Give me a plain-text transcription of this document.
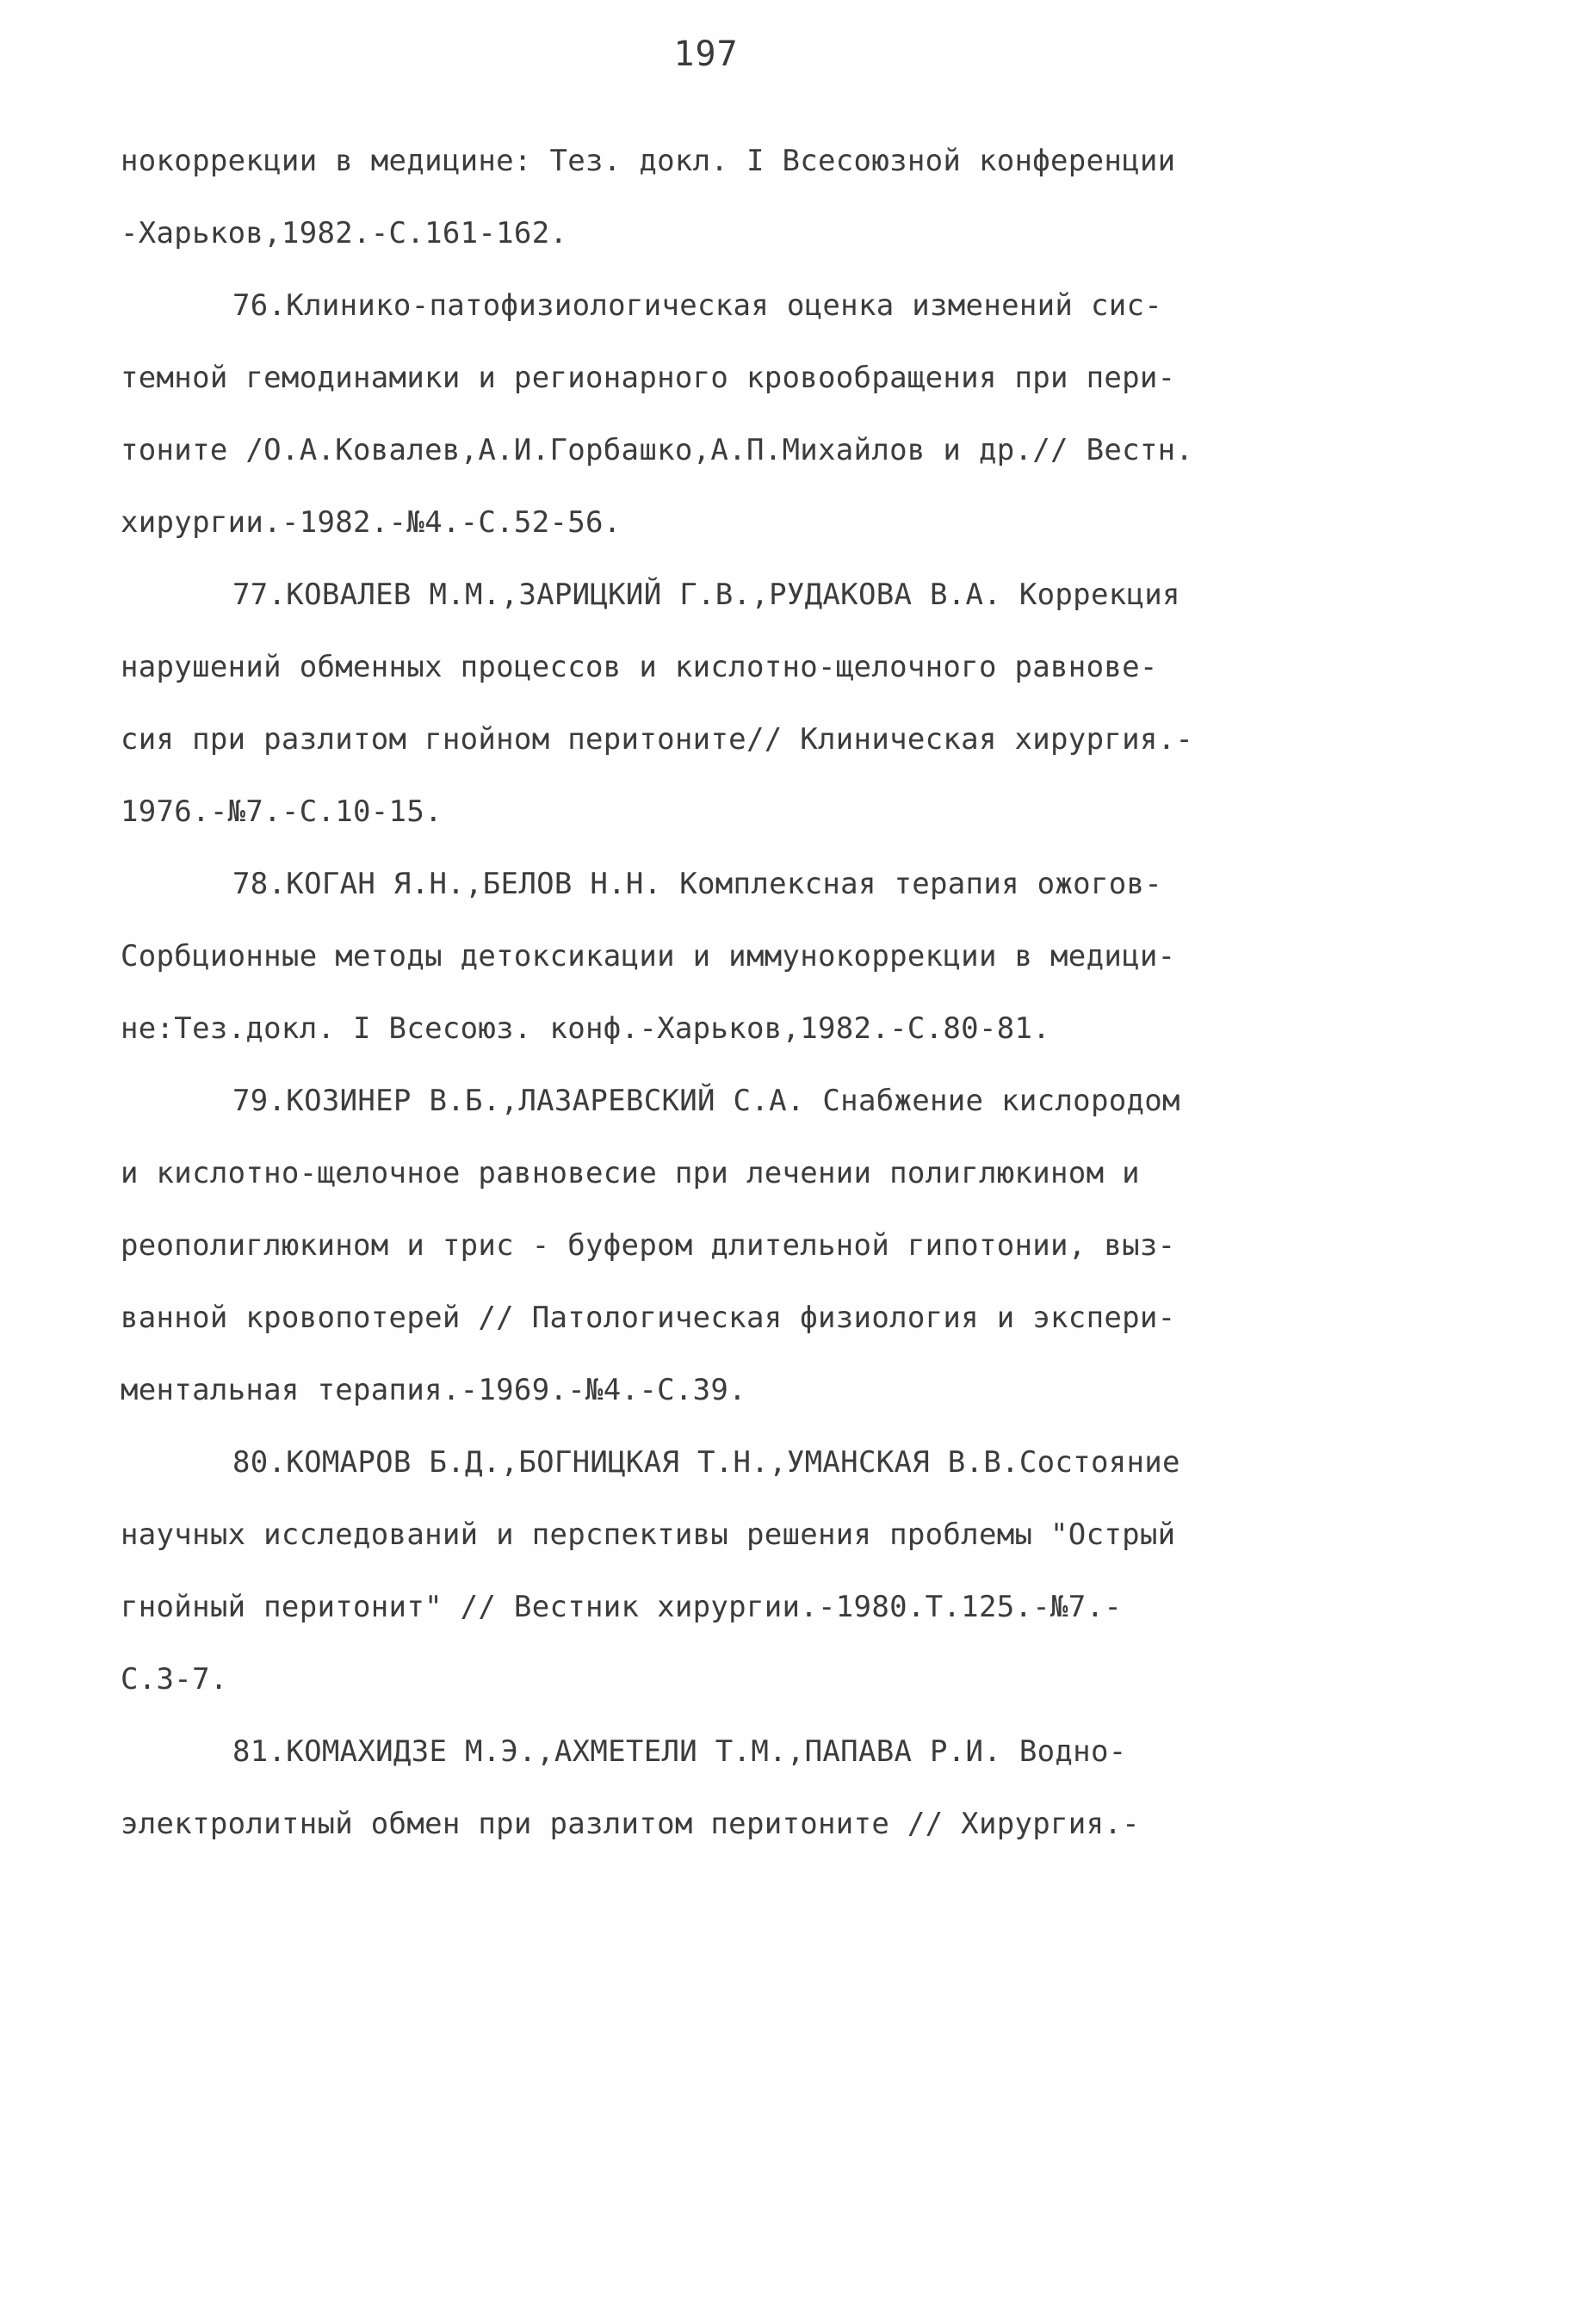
197
нокоррекции в медицине: Тез. докл. I Всесоюзной конференции
-Харьков,1982.-С.161-162.
76.Клинико-патофизиологическая оценка изменений сис-
темной гемодинамики и регионарного кровообращения при пери-
тоните /О.А.Ковалев,А.И.Горбашко,А.П.Михайлов и др.// Вестн.
хирургии.-1982.-№4.-С.52-56.
77.КОВАЛЕВ М.М.,ЗАРИЦКИЙ Г.В.,РУДАКОВА В.А. Коррекция
нарушений обменных процессов и кислотно-щелочного равнове-
сия при разлитом гнойном перитоните// Клиническая хирургия.-
1976.-№7.-С.10-15.
78.КОГАН Я.Н.,БЕЛОВ Н.Н. Комплексная терапия ожогов-
Сорбционные методы детоксикации и иммунокоррекции в медици-
не:Тез.докл. I Всесоюз. конф.-Харьков,1982.-С.80-81.
79.КОЗИНЕР В.Б.,ЛАЗАРЕВСКИЙ С.А. Снабжение кислородом
и кислотно-щелочное равновесие при лечении полиглюкином и
реополиглюкином и трис - буфером длительной гипотонии, выз-
ванной кровопотерей // Патологическая физиология и экспери-
ментальная терапия.-1969.-№4.-С.39.
80.КОМАРОВ Б.Д.,БОГНИЦКАЯ Т.Н.,УМАНСКАЯ В.В.Состояние
научных исследований и перспективы решения проблемы "Острый
гнойный перитонит" // Вестник хирургии.-1980.Т.125.-№7.-
С.3-7.
81.КОМАХИДЗЕ М.Э.,АХМЕТЕЛИ Т.М.,ПАПАВА Р.И. Водно-
электролитный обмен при разлитом перитоните // Хирургия.-
